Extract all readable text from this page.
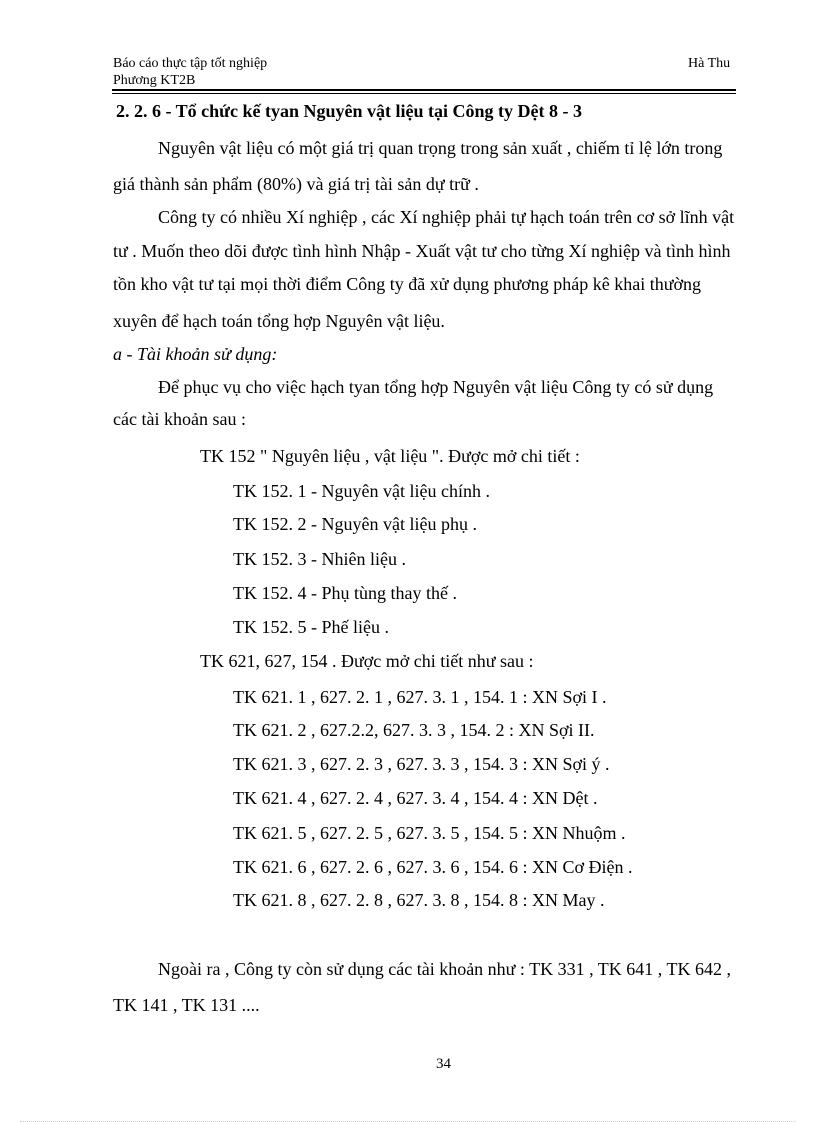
Báo cáo thực tập tốt nghiệp
Phương KT2B
Hà Thu
2. 2. 6 - Tổ chức kế tyan Nguyên vật liệu tại Công ty Dệt 8 - 3
Nguyên vật liệu có một giá trị quan trọng trong sản xuất , chiếm tỉ lệ lớn trong
giá thành sản phẩm (80%) và giá trị tài sản dự trữ .
Công ty có nhiều Xí nghiệp , các Xí nghiệp phải tự hạch toán trên cơ sở lĩnh vật
tư . Muốn theo dõi được tình hình Nhập - Xuất vật tư cho từng Xí nghiệp và tình hình
tồn kho vật tư tại mọi thời điểm Công ty đã xử dụng phương pháp kê khai thường
xuyên để hạch toán tổng hợp Nguyên vật liệu.
a - Tài khoản sử dụng:
Để phục vụ cho việc hạch tyan tổng hợp Nguyên vật liệu Công ty có sử dụng
các tài khoản sau :
TK 152 " Nguyên liệu , vật liệu ". Được mở chi tiết :
TK 152. 1 - Nguyên vật liệu chính .
TK 152. 2 - Nguyên vật liệu phụ .
TK 152. 3 - Nhiên liệu .
TK 152. 4 - Phụ tùng thay thế .
TK 152. 5 - Phế liệu .
TK 621, 627, 154 . Được mở chi tiết như sau :
TK 621. 1 , 627. 2. 1 , 627. 3. 1 , 154. 1 : XN Sợi I .
TK 621. 2 , 627.2.2, 627. 3. 3 , 154. 2 : XN Sợi II.
TK 621. 3 , 627. 2. 3 , 627. 3. 3 , 154. 3 : XN Sợi ý .
TK 621. 4 , 627. 2. 4 , 627. 3. 4 , 154. 4 : XN Dệt .
TK 621. 5 , 627. 2. 5 , 627. 3. 5 , 154. 5 : XN Nhuộm .
TK 621. 6 , 627. 2. 6 , 627. 3. 6 , 154. 6 : XN Cơ Điện .
TK 621. 8 , 627. 2. 8 , 627. 3. 8 , 154. 8 : XN May .
Ngoài ra , Công ty còn sử dụng các tài khoản như : TK 331 , TK 641 , TK 642 ,
TK 141 , TK 131 ....
34
